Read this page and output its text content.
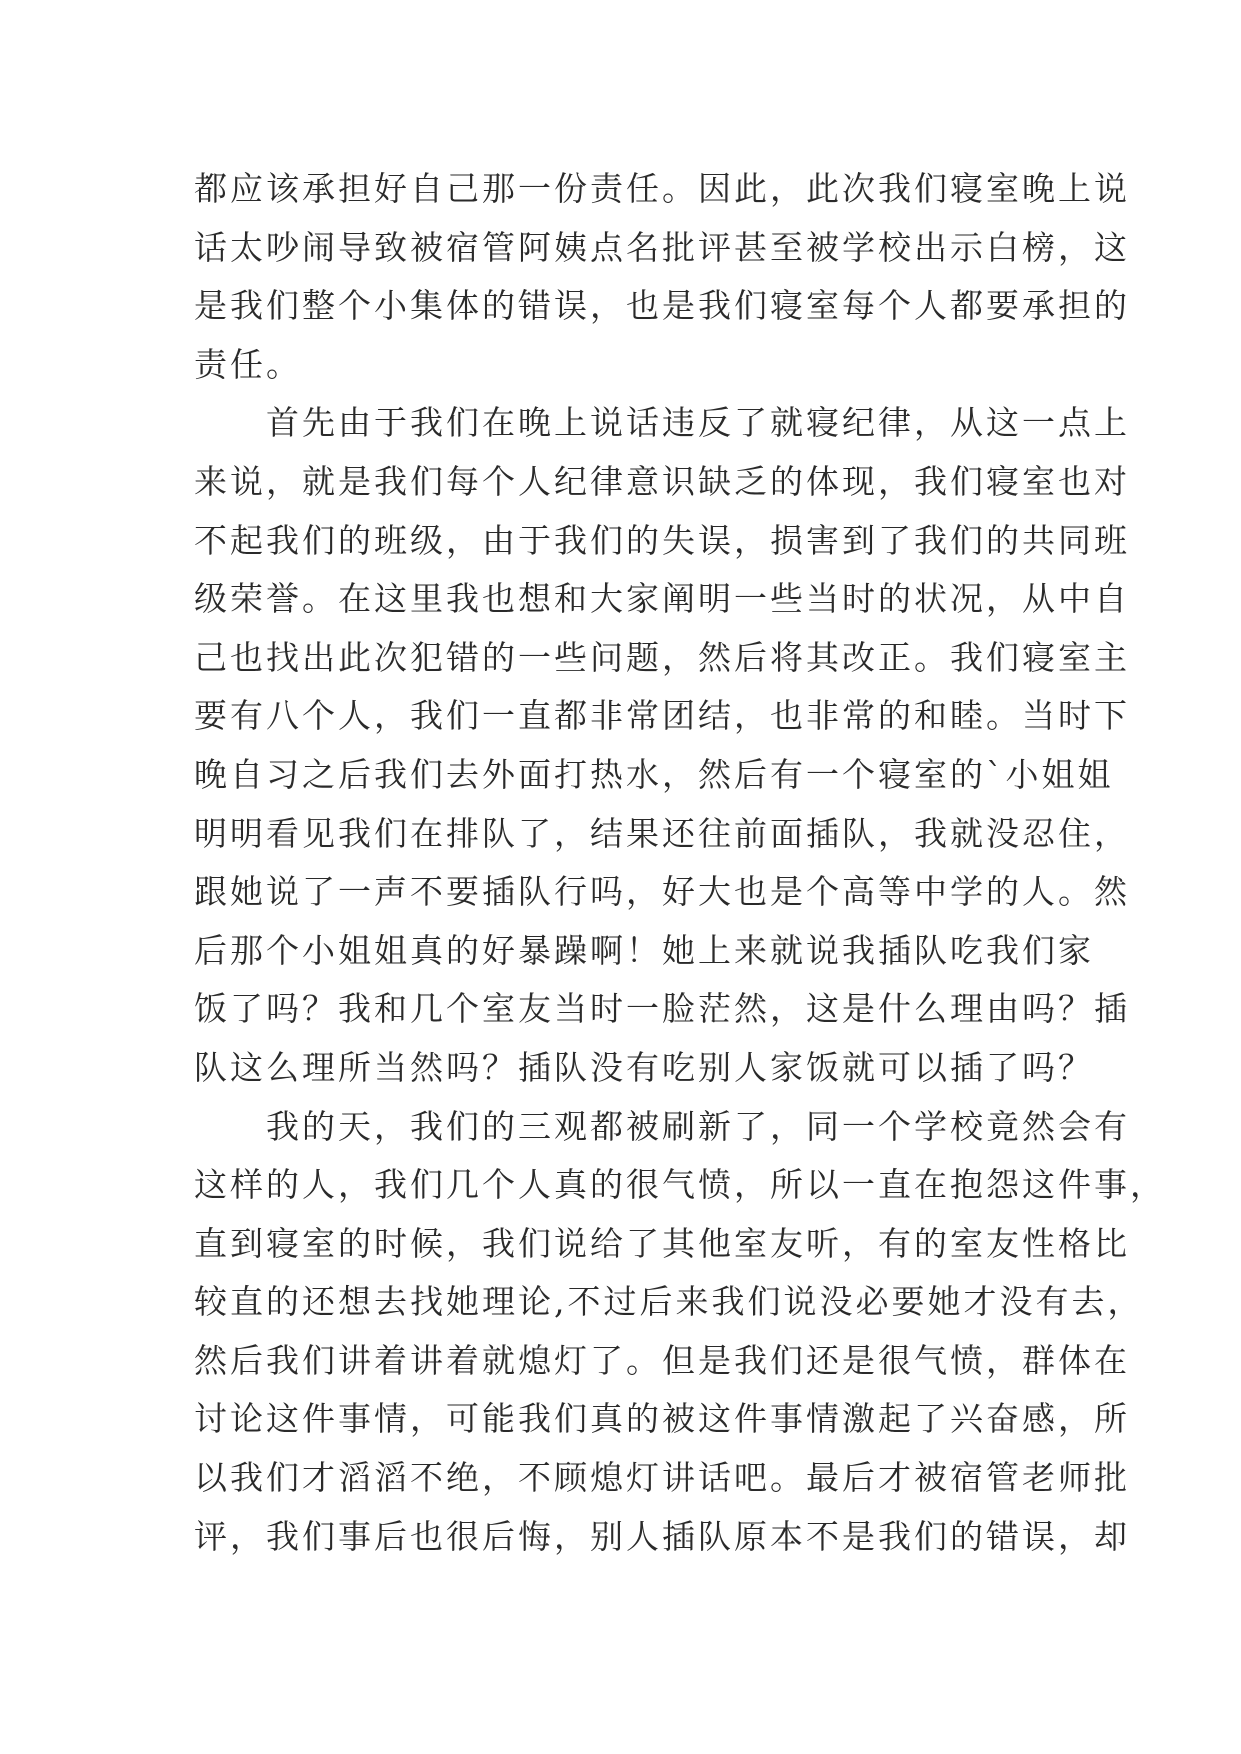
都应该承担好自己那一份责任。因此，此次我们寝室晚上说
话太吵闹导致被宿管阿姨点名批评甚至被学校出示白榜，这
是我们整个小集体的错误，也是我们寝室每个人都要承担的
责任。
首先由于我们在晚上说话违反了就寝纪律，从这一点上
来说，就是我们每个人纪律意识缺乏的体现，我们寝室也对
不起我们的班级，由于我们的失误，损害到了我们的共同班
级荣誉。在这里我也想和大家阐明一些当时的状况，从中自
己也找出此次犯错的一些问题，然后将其改正。我们寝室主
要有八个人，我们一直都非常团结，也非常的和睦。当时下
晚自习之后我们去外面打热水，然后有一个寝室的`小姐姐
明明看见我们在排队了，结果还往前面插队，我就没忍住，
跟她说了一声不要插队行吗，好大也是个高等中学的人。然
后那个小姐姐真的好暴躁啊！她上来就说我插队吃我们家
饭了吗？我和几个室友当时一脸茫然，这是什么理由吗？插
队这么理所当然吗？插队没有吃别人家饭就可以插了吗？
我的天，我们的三观都被刷新了，同一个学校竟然会有
这样的人，我们几个人真的很气愤，所以一直在抱怨这件事，
直到寝室的时候，我们说给了其他室友听，有的室友性格比
较直的还想去找她理论,不过后来我们说没必要她才没有去，
然后我们讲着讲着就熄灯了。但是我们还是很气愤，群体在
讨论这件事情，可能我们真的被这件事情激起了兴奋感，所
以我们才滔滔不绝，不顾熄灯讲话吧。最后才被宿管老师批
评，我们事后也很后悔，别人插队原本不是我们的错误，却
